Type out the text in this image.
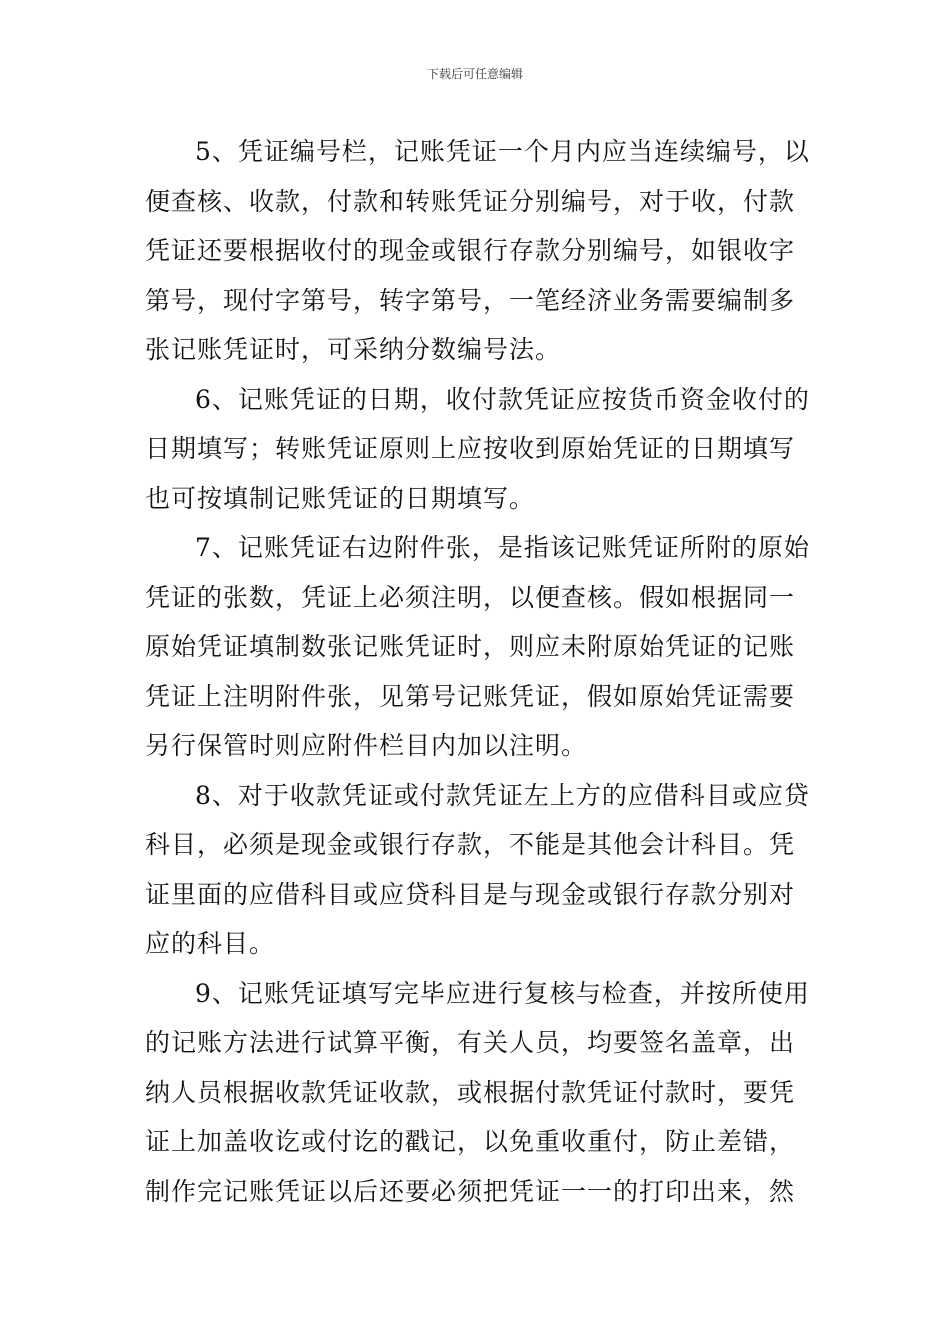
下载后可任意编辑
5、凭证编号栏，记账凭证一个月内应当连续编号，以
便查核、收款，付款和转账凭证分别编号，对于收，付款
凭证还要根据收付的现金或银行存款分别编号，如银收字
第号，现付字第号，转字第号，一笔经济业务需要编制多
张记账凭证时，可采纳分数编号法。
6、记账凭证的日期，收付款凭证应按货币资金收付的
日期填写；转账凭证原则上应按收到原始凭证的日期填写
也可按填制记账凭证的日期填写。
7、记账凭证右边附件张，是指该记账凭证所附的原始
凭证的张数，凭证上必须注明，以便查核。假如根据同一
原始凭证填制数张记账凭证时，则应未附原始凭证的记账
凭证上注明附件张，见第号记账凭证，假如原始凭证需要
另行保管时则应附件栏目内加以注明。
8、对于收款凭证或付款凭证左上方的应借科目或应贷
科目，必须是现金或银行存款，不能是其他会计科目。凭
证里面的应借科目或应贷科目是与现金或银行存款分别对
应的科目。
9、记账凭证填写完毕应进行复核与检查，并按所使用
的记账方法进行试算平衡，有关人员，均要签名盖章，出
纳人员根据收款凭证收款，或根据付款凭证付款时，要凭
证上加盖收讫或付讫的戳记，以免重收重付，防止差错，
制作完记账凭证以后还要必须把凭证一一的打印出来，然
